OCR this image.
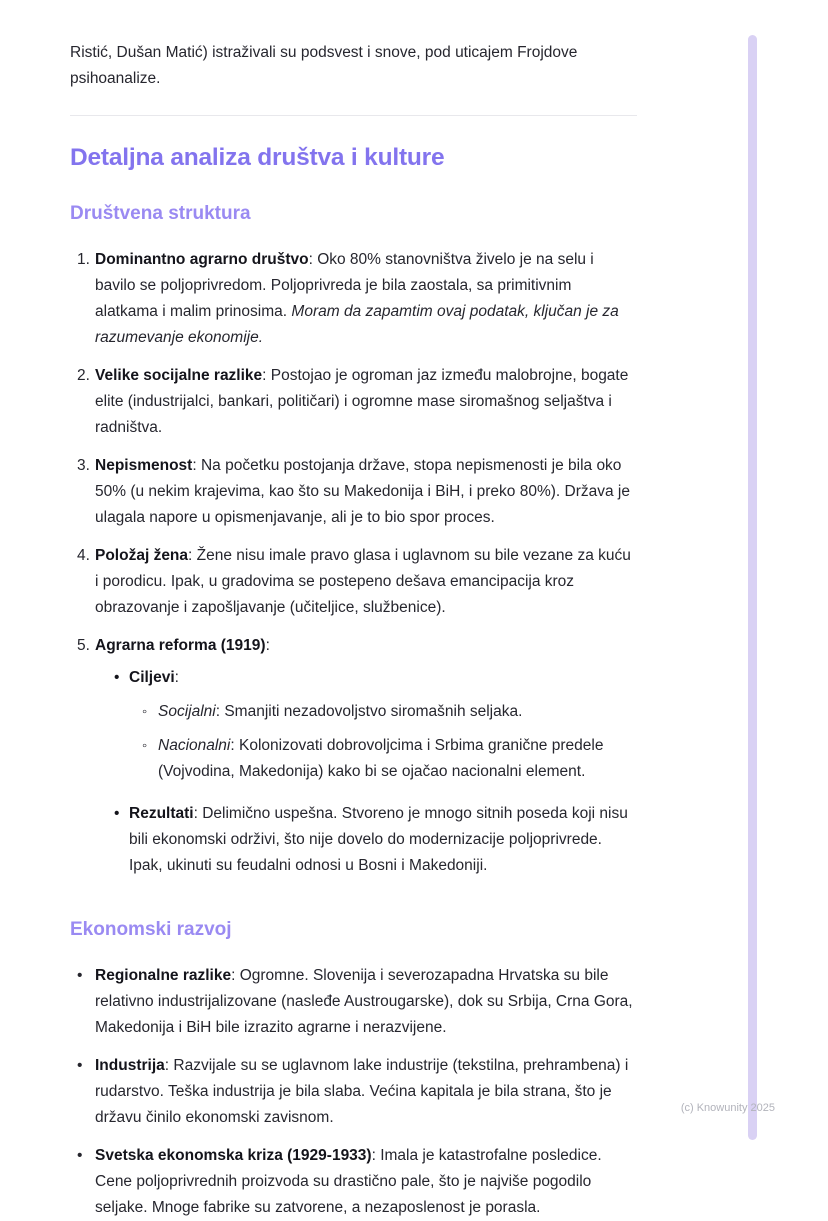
Ristić, Dušan Matić) istraživali su podsvest i snove, pod uticajem Frojdove psihoanalize.

Detaljna analiza društva i kulture
Društvena struktura
1. Dominantno agrarno društvo: Oko 80% stanovništva živelo je na selu i bavilo se poljoprivredom. Poljoprivreda je bila zaostala, sa primitivnim alatkama i malim prinosima. Moram da zapamtim ovaj podatak, ključan je za razumevanje ekonomije.

2. Velike socijalne razlike: Postojao je ogroman jaz između malobrojne, bogate elite (industrijalci, bankari, političari) i ogromne mase siromašnog seljaštva i radništva.

3. Nepismenost: Na početku postojanja države, stopa nepismenosti je bila oko 50% (u nekim krajevima, kao što su Makedonija i BiH, i preko 80%). Država je ulagala napore u opismenjavanje, ali je to bio spor proces.

4. Položaj žena: Žene nisu imale pravo glasa i uglavnom su bile vezane za kuću i porodicu. Ipak, u gradovima se postepeno dešava emancipacija kroz obrazovanje i zapošljavanje (učiteljice, službenice).

5. Agrarna reforma (1919):

• Ciljevi:

◦ Socijalni: Smanjiti nezadovoljstvo siromašnih seljaka.

◦ Nacionalni: Kolonizovati dobrovoljcima i Srbima granične predele (Vojvodina, Makedonija) kako bi se ojačao nacionalni element.

• Rezultati: Delimično uspešna. Stvoreno je mnogo sitnih poseda koji nisu bili ekonomski održivi, što nije dovelo do modernizacije poljoprivrede. Ipak, ukinuti su feudalni odnosi u Bosni i Makedoniji.

Ekonomski razvoj
• Regionalne razlike: Ogromne. Slovenija i severozapadna Hrvatska su bile relativno industrijalizovane (nasleđe Austrougarske), dok su Srbija, Crna Gora, Makedonija i BiH bile izrazito agrarne i nerazvijene.

• Industrija: Razvijale su se uglavnom lake industrije (tekstilna, prehrambena) i rudarstvo. Teška industrija je bila slaba. Većina kapitala je bila strana, što je državu činilo ekonomski zavisnom.

• Svetska ekonomska kriza (1929-1933): Imala je katastrofalne posledice. Cene poljoprivrednih proizvoda su drastično pale, što je najviše pogodilo seljake. Mnoge fabrike su zatvorene, a nezaposlenost je porasla.

(c) Knowunity 2025
